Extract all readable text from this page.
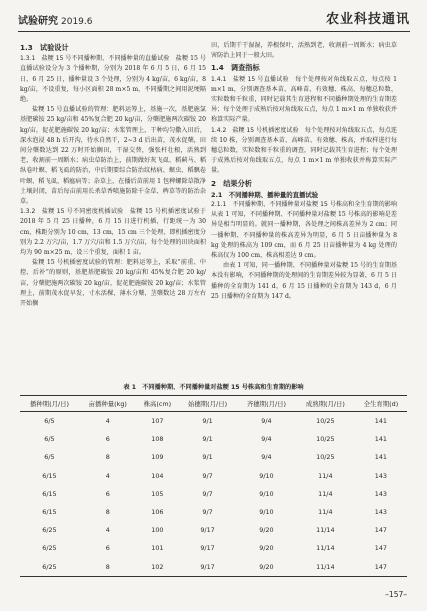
试验研究 2019.6	农业科技通讯
1.3　试验设计

1.3.1　盐粳 15 号不同播种期、不同播种量的直播试验　 盐粳 15 号直播试验设分为 3 个播种期，分别为 2018 年 6 月 5 日，6 月 15 日，6 月 25 日，播种量设 3 个处理，分别为 4 kg/亩，6 kg/亩，8 kg/亩，不设重复，每小区面积 28 m×5 m，不同播期之间用泥埂隔绝。

盐粳 15 号直播试验的管理：肥料运筹上，基施一次，基肥施氯基肥碳铵 25 kg/亩和 45%复合肥 20 kg/亩，分蘖肥施两次碳铵 20 kg/亩，促花肥施碳铵 20 kg/亩；水浆管理上，干种均匀撒入田后，深水泡浸 48 h 后开沟，待水自然干，2~3 d 后出苗，茂水促蘖，田间分蘖数达到 22 万时开始搁田，干湿交替，强张杆壮根，活熟到老，收割前一周断水；病虫草防治上，前期做好灰飞虱、稻蓟马、稻纵卷叶螟、稻飞虱的防治，中后期要综合防治纹枯病、螟虫、稻飘卷叶螟、稻飞虱、稻瘟病等；杂草上，在播后苗前用 1 包稗螺除草散净土壤封闭，苗后每亩前用长杀草香喷施防除千金草、稗草等的防治杂草。

1.3.2　盐粳 15 号不同密度机插试验　 盐粳 15 号机插密度试验于 2018 年 5 月 25 日播种，6 月 15 日进行机插，行距统一为 30 cm，株距分别为 10 cm，13 cm，15 cm 三个处理，即机插密度分别为 2.2 万穴/亩，1.7 万穴/亩和 1.5 万穴/亩，每个处理的田块面积均为 90 m×25 m，设三个重复，面积 1 亩。

盐粳 15 号机插密度试验的管理：肥料运筹上，采取“前重、中控、后补”的原则，基肥基肥碳铵 20 kg/亩和 45%复合肥 20 kg/亩，分蘖肥施两次碳铵 20 kg/亩，促花肥施碳铵 20 kg/亩；水浆管理上，前期茂水促早发，寸水活棵，薄水分蘖，茎蘖数达 28 万左右开始搁

田，后期干干湿湿，养根保叶，活熟到老，收割前一周断水；病虫草害防治上同于一般大田。

1.4　调查指标

1.4.1　盐粳 15 号直播试验　 每个处理按对角线取五点，每点按 1 m×1 m，分别调查基本苗、高峰苗、有效穗、株高、每穗总粒数、实粒数和千粒重，同时记载其生育进程和不同播种期处理的生育期差异；每个处理于成熟后按对角线取五点，每点 1 m×1 m 单独收获并称算实际产量。

1.4.2　盐粳 15 号机插密度试验　 每个处理按对角线取五点，每点连续 10 株，分别调查基本苗、高峰苗、有效穗、株高，并取样进行每穗总粒数，实粒数和千粒重的调查，同时记载其生育进程；每个处理于成熟后按对角线取五点，每点 1 m×1 m 单独收获并称算实际产量。

2　结果分析
2.1　不同播种期、播种量的直播试验

2.1.1　不同播种期、不同播种量对盐粳 15 号株高和全生育期的影响　从表 1 可知，不同播种期、不同播种量对盐粳 15 号株高的影响是差异是相当明显的。就同一播种期，各处理之间株高差异为 2 cm；同一播种期、不同播种量的株高差异为明显，6 月 5 日亩播种量为 8 kg 处理的株高为 109 cm，而 6 月 25 日亩播种量为 4 kg 处理的株高仅为 100 cm，株高相差达 9 cm。

由表 1 可知，同一播种期、不同播种量对盐粳 15 号的生育期基本没有影响，不同播种期的处理间的生育期差异较为显著，6 月 5 日播种的全育期为 141 d，6 月 15 日播种的全育期为 143 d，6 月 25 日播种的全育期为 147 d。

表 1　不同播种期、不同播种量对盐粳 15 号株高和生育期的影响
播种期(月/日)	亩播种量(kg)	株高(cm)	始穗期(月/日)	齐穗期(月/日)	成熟期(月/日)	全生育期(d)
6/5	4	107	9/1	9/4	10/25	141
6/5	6	108	9/1	9/4	10/25	141
6/5	8	109	9/1	9/4	10/25	141
6/15	4	104	9/7	9/10	11/4	143
6/15	6	105	9/7	9/10	11/4	143
6/15	8	106	9/7	9/10	11/4	143
6/25	4	100	9/17	9/20	11/14	147
6/25	6	101	9/17	9/20	11/14	147
6/25	8	102	9/17	9/20	11/14	147
–157–
